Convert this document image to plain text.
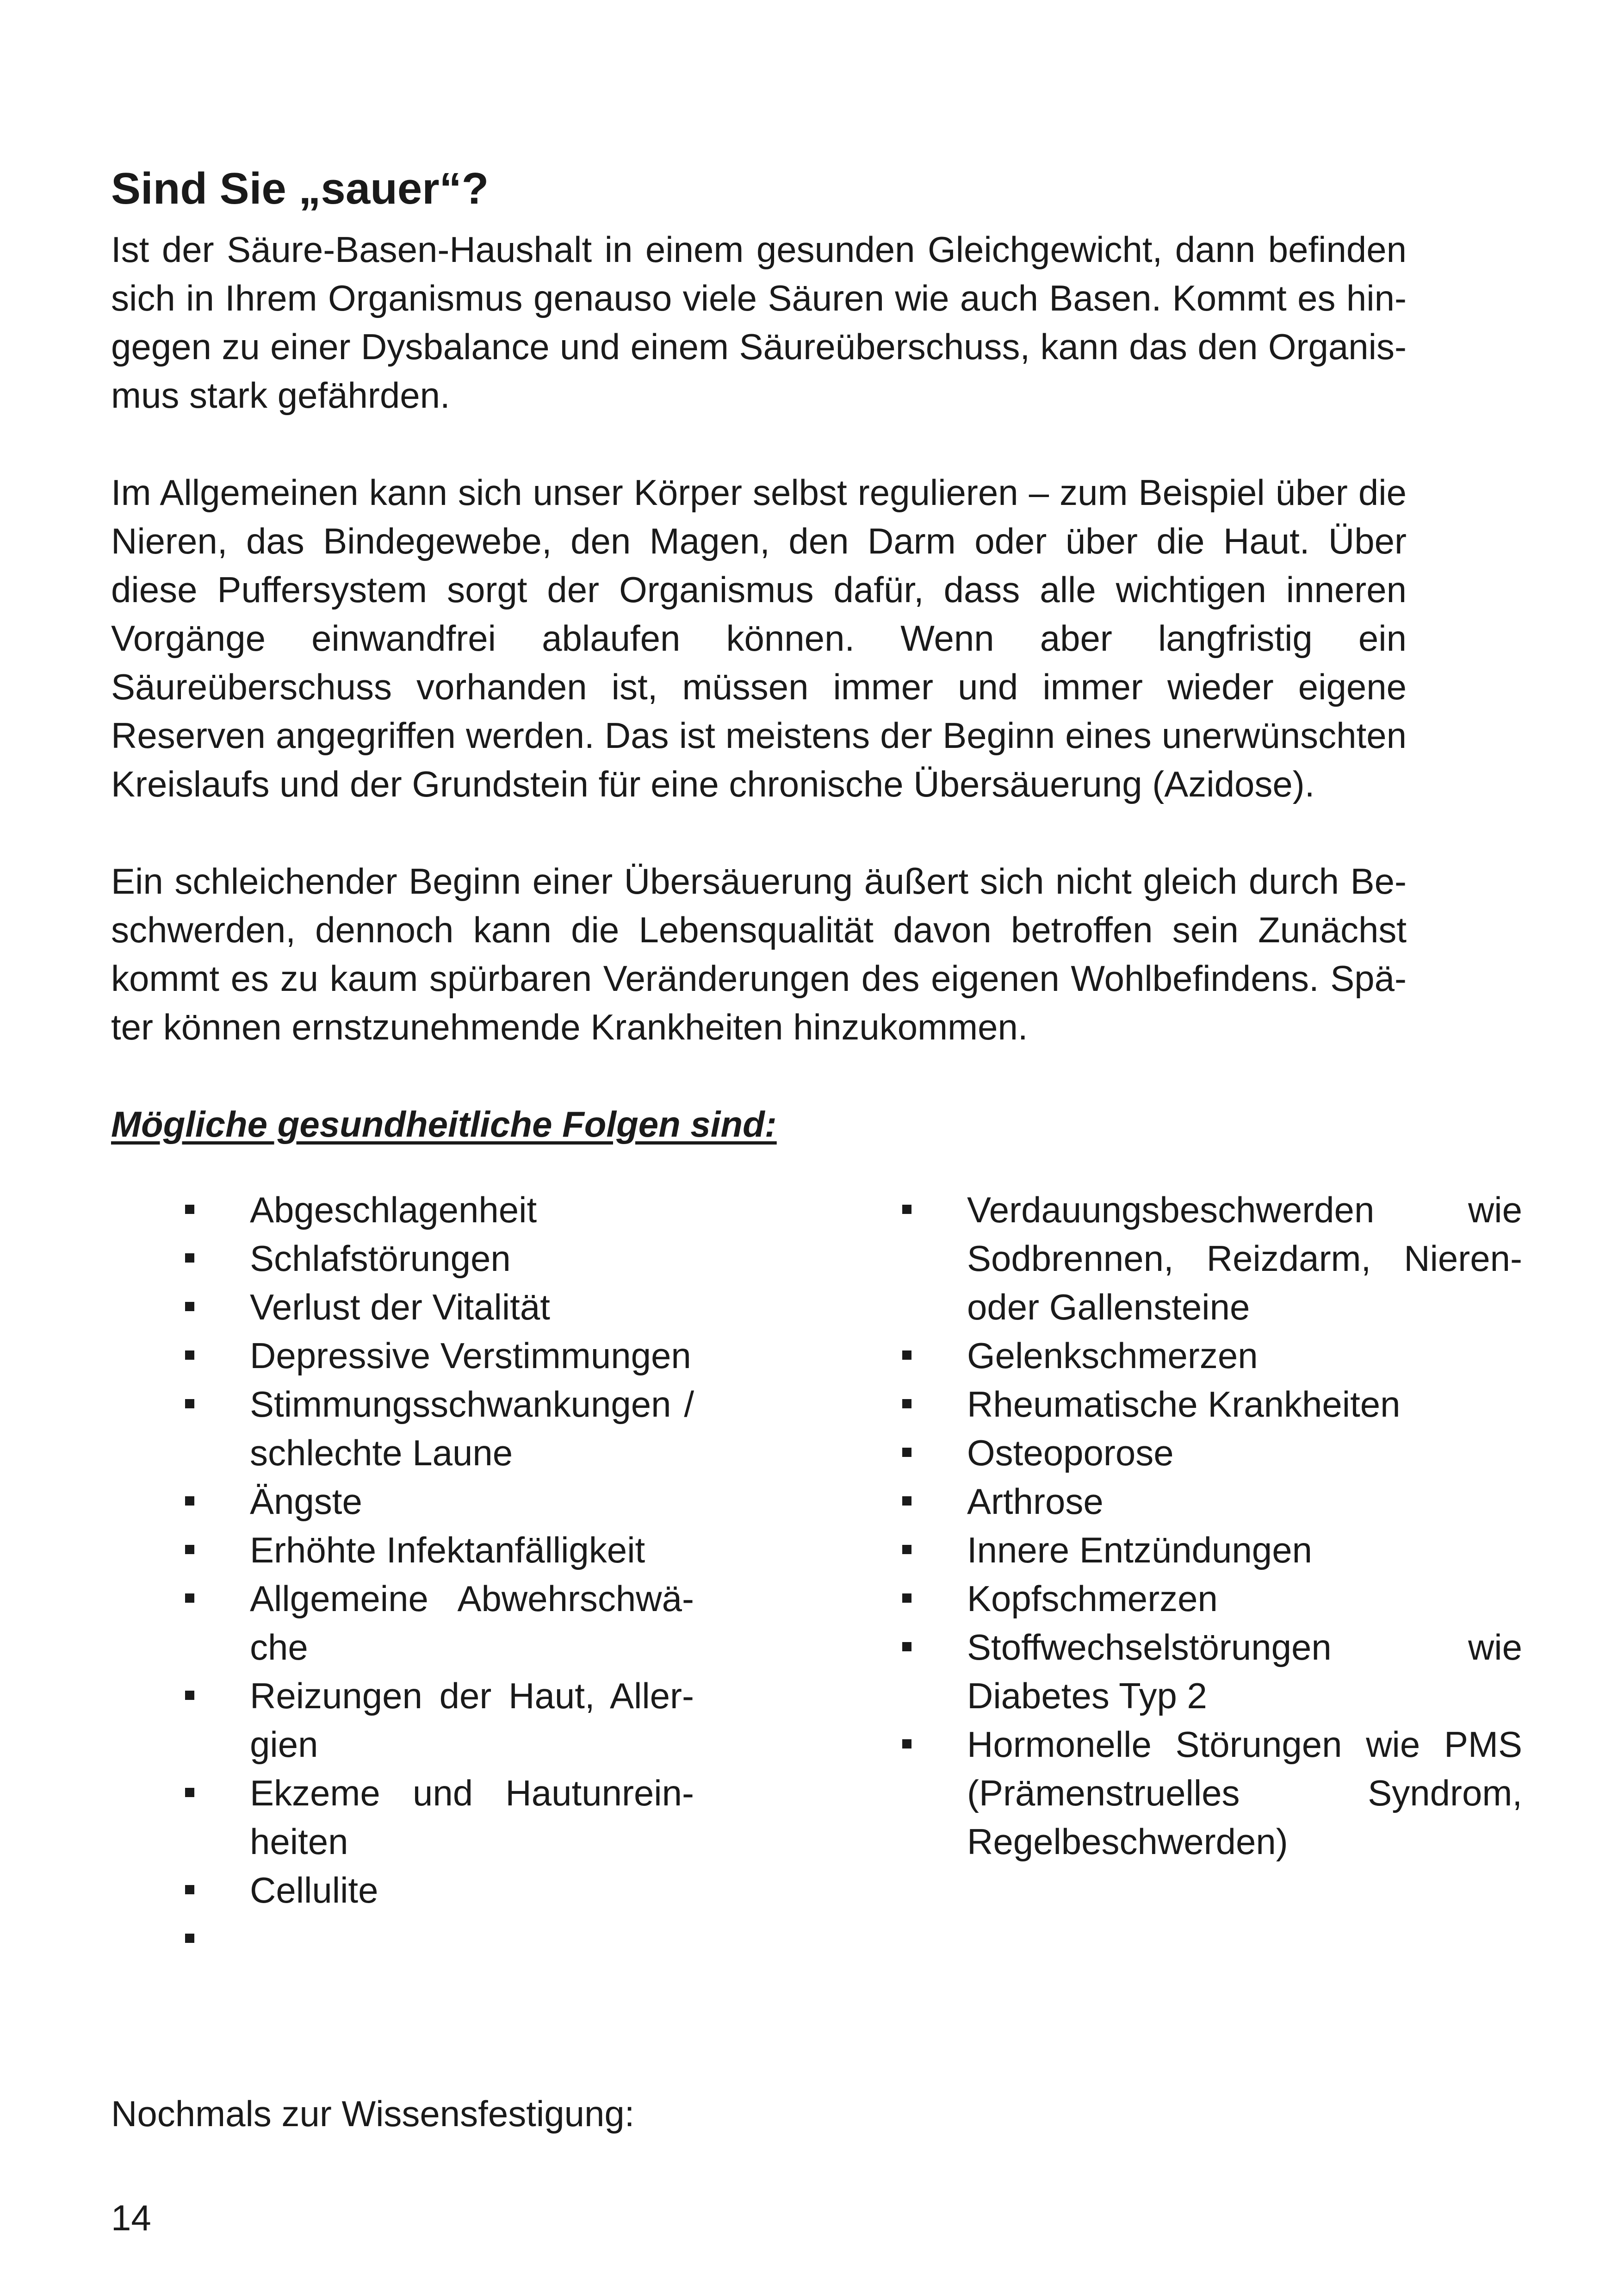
Sind Sie „sauer“?

Ist der Säure-Basen-Haushalt in einem gesunden Gleichgewicht, dann befinden sich in Ihrem Organismus genauso viele Säuren wie auch Basen. Kommt es hingegen zu einer Dysbalance und einem Säureüberschuss, kann das den Organismus stark gefährden.

Im Allgemeinen kann sich unser Körper selbst regulieren – zum Beispiel über die Nieren, das Bindegewebe, den Magen, den Darm oder über die Haut. Über diese Puffersystem sorgt der Organismus dafür, dass alle wichtigen inneren Vorgänge einwandfrei ablaufen können. Wenn aber langfristig ein Säureüberschuss vorhanden ist, müssen immer und immer wieder eigene Reserven angegriffen werden. Das ist meistens der Beginn eines unerwünschten Kreislaufs und der Grundstein für eine chronische Übersäuerung (Azidose).

Ein schleichender Beginn einer Übersäuerung äußert sich nicht gleich durch Beschwerden, dennoch kann die Lebensqualität davon betroffen sein Zunächst kommt es zu kaum spürbaren Veränderungen des eigenen Wohlbefindens. Später können ernstzunehmende Krankheiten hinzukommen.

Mögliche gesundheitliche Folgen sind:
Abgeschlagenheit
Schlafstörungen
Verlust der Vitalität
Depressive Verstimmungen
Stimmungsschwankungen / schlechte Laune
Ängste
Erhöhte Infektanfälligkeit
Allgemeine Abwehrschwäche
Reizungen der Haut, Allergien
Ekzeme und Hautunreinheiten
Cellulite
Verdauungsbeschwerden wie Sodbrennen, Reizdarm, Nieren- oder Gallensteine
Gelenkschmerzen
Rheumatische Krankheiten
Osteoporose
Arthrose
Innere Entzündungen
Kopfschmerzen
Stoffwechselstörungen wie Diabetes Typ 2
Hormonelle Störungen wie PMS (Prämenstruelles Syndrom, Regelbeschwerden)
Nochmals zur Wissensfestigung:
14
